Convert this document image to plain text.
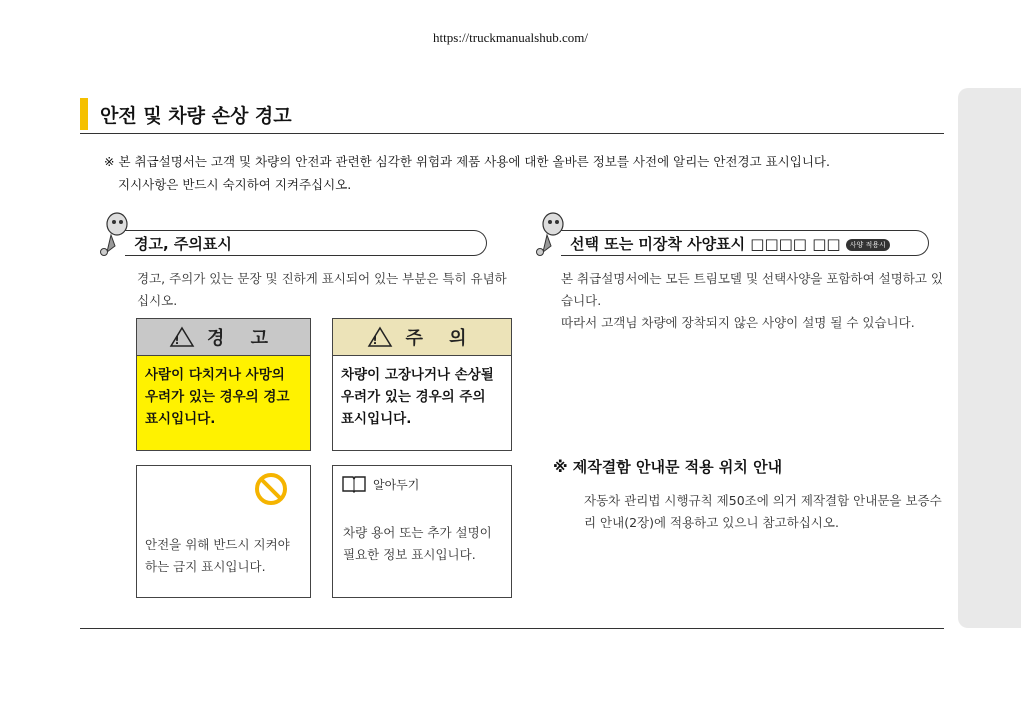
https://truckmanualshub.com/
안전 및 차량 손상 경고
※ 본 취급설명서는 고객 및 차량의 안전과 관련한 심각한 위험과 제품 사용에 대한 올바른 정보를 사전에 알리는 안전경고 표시입니다.
지시사항은 반드시 숙지하여 지켜주십시오.
경고, 주의표시
경고, 주의가 있는 문장 및 진하게 표시되어 있는 부분은 특히 유념하십시오.
! 경 고
사람이 다치거나 사망의 우려가 있는 경우의 경고 표시입니다.
! 주 의
차량이 고장나거나 손상될 우려가 있는 경우의 주의 표시입니다.
안전을 위해 반드시 지켜야 하는 금지 표시입니다.
알아두기
차량 용어 또는 추가 설명이 필요한 정보 표시입니다.
선택 또는 미장착 사양표시 □□□□ □□ 사양 적용시
본 취급설명서에는 모든 트림모델 및 선택사양을 포함하여 설명하고 있습니다.
따라서 고객님 차량에 장착되지 않은 사양이 설명 될 수 있습니다.
※ 제작결함 안내문 적용 위치 안내
자동차 관리법 시행규칙 제50조에 의거 제작결함 안내문을 보증수리 안내(2장)에 적용하고 있으니 참고하십시오.
